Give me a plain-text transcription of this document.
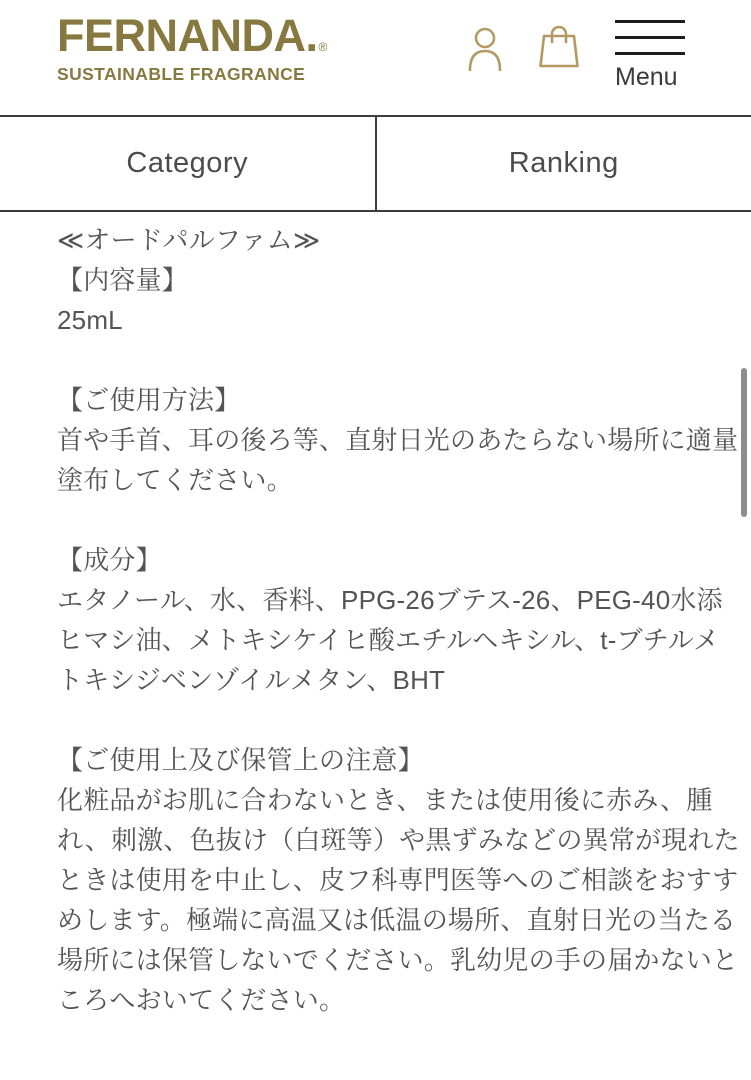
FERNANDA.®
SUSTAINABLE FRAGRANCE	Menu
Category	Ranking
≪オードパルファム≫
【内容量】
25mL
【ご使用方法】
首や手首、耳の後ろ等、直射日光のあたらない場所に適量
塗布してください。
【成分】
エタノール、水、香料、PPG-26ブテス-26、PEG-40水添
ヒマシ油、メトキシケイヒ酸エチルヘキシル、t-ブチルメ
トキシジベンゾイルメタン、BHT
【ご使用上及び保管上の注意】
化粧品がお肌に合わないとき、または使用後に赤み、腫
れ、刺激、色抜け（白斑等）や黒ずみなどの異常が現れた
ときは使用を中止し、皮フ科専門医等へのご相談をおすす
めします。極端に高温又は低温の場所、直射日光の当たる
場所には保管しないでください。乳幼児の手の届かないと
ころへおいてください。
